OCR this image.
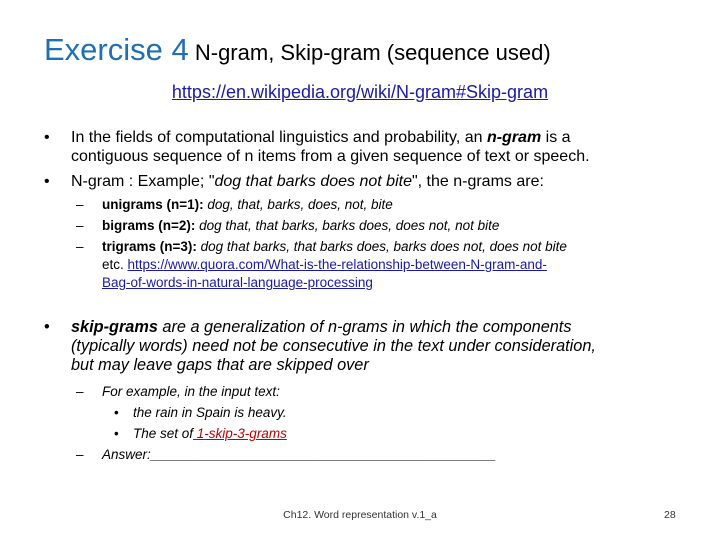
Exercise 4 N-gram, Skip-gram (sequence used)
https://en.wikipedia.org/wiki/N-gram#Skip-gram
• In the fields of computational linguistics and probability, an n-gram is a
contiguous sequence of n items from a given sequence of text or speech.
• N-gram : Example; "dog that barks does not bite", the n-grams are:
– unigrams (n=1): dog, that, barks, does, not, bite
– bigrams (n=2): dog that, that barks, barks does, does not, not bite
– trigrams (n=3): dog that barks, that barks does, barks does not, does not bite
etc. https://www.quora.com/What-is-the-relationship-between-N-gram-and-
Bag-of-words-in-natural-language-processing
• skip-grams are a generalization of n-grams in which the components
(typically words) need not be consecutive in the text under consideration,
but may leave gaps that are skipped over
– For example, in the input text:
• the rain in Spain is heavy.
• The set of 1-skip-3-grams
– Answer:______________________________________________
Ch12. Word representation v.1_a	28
